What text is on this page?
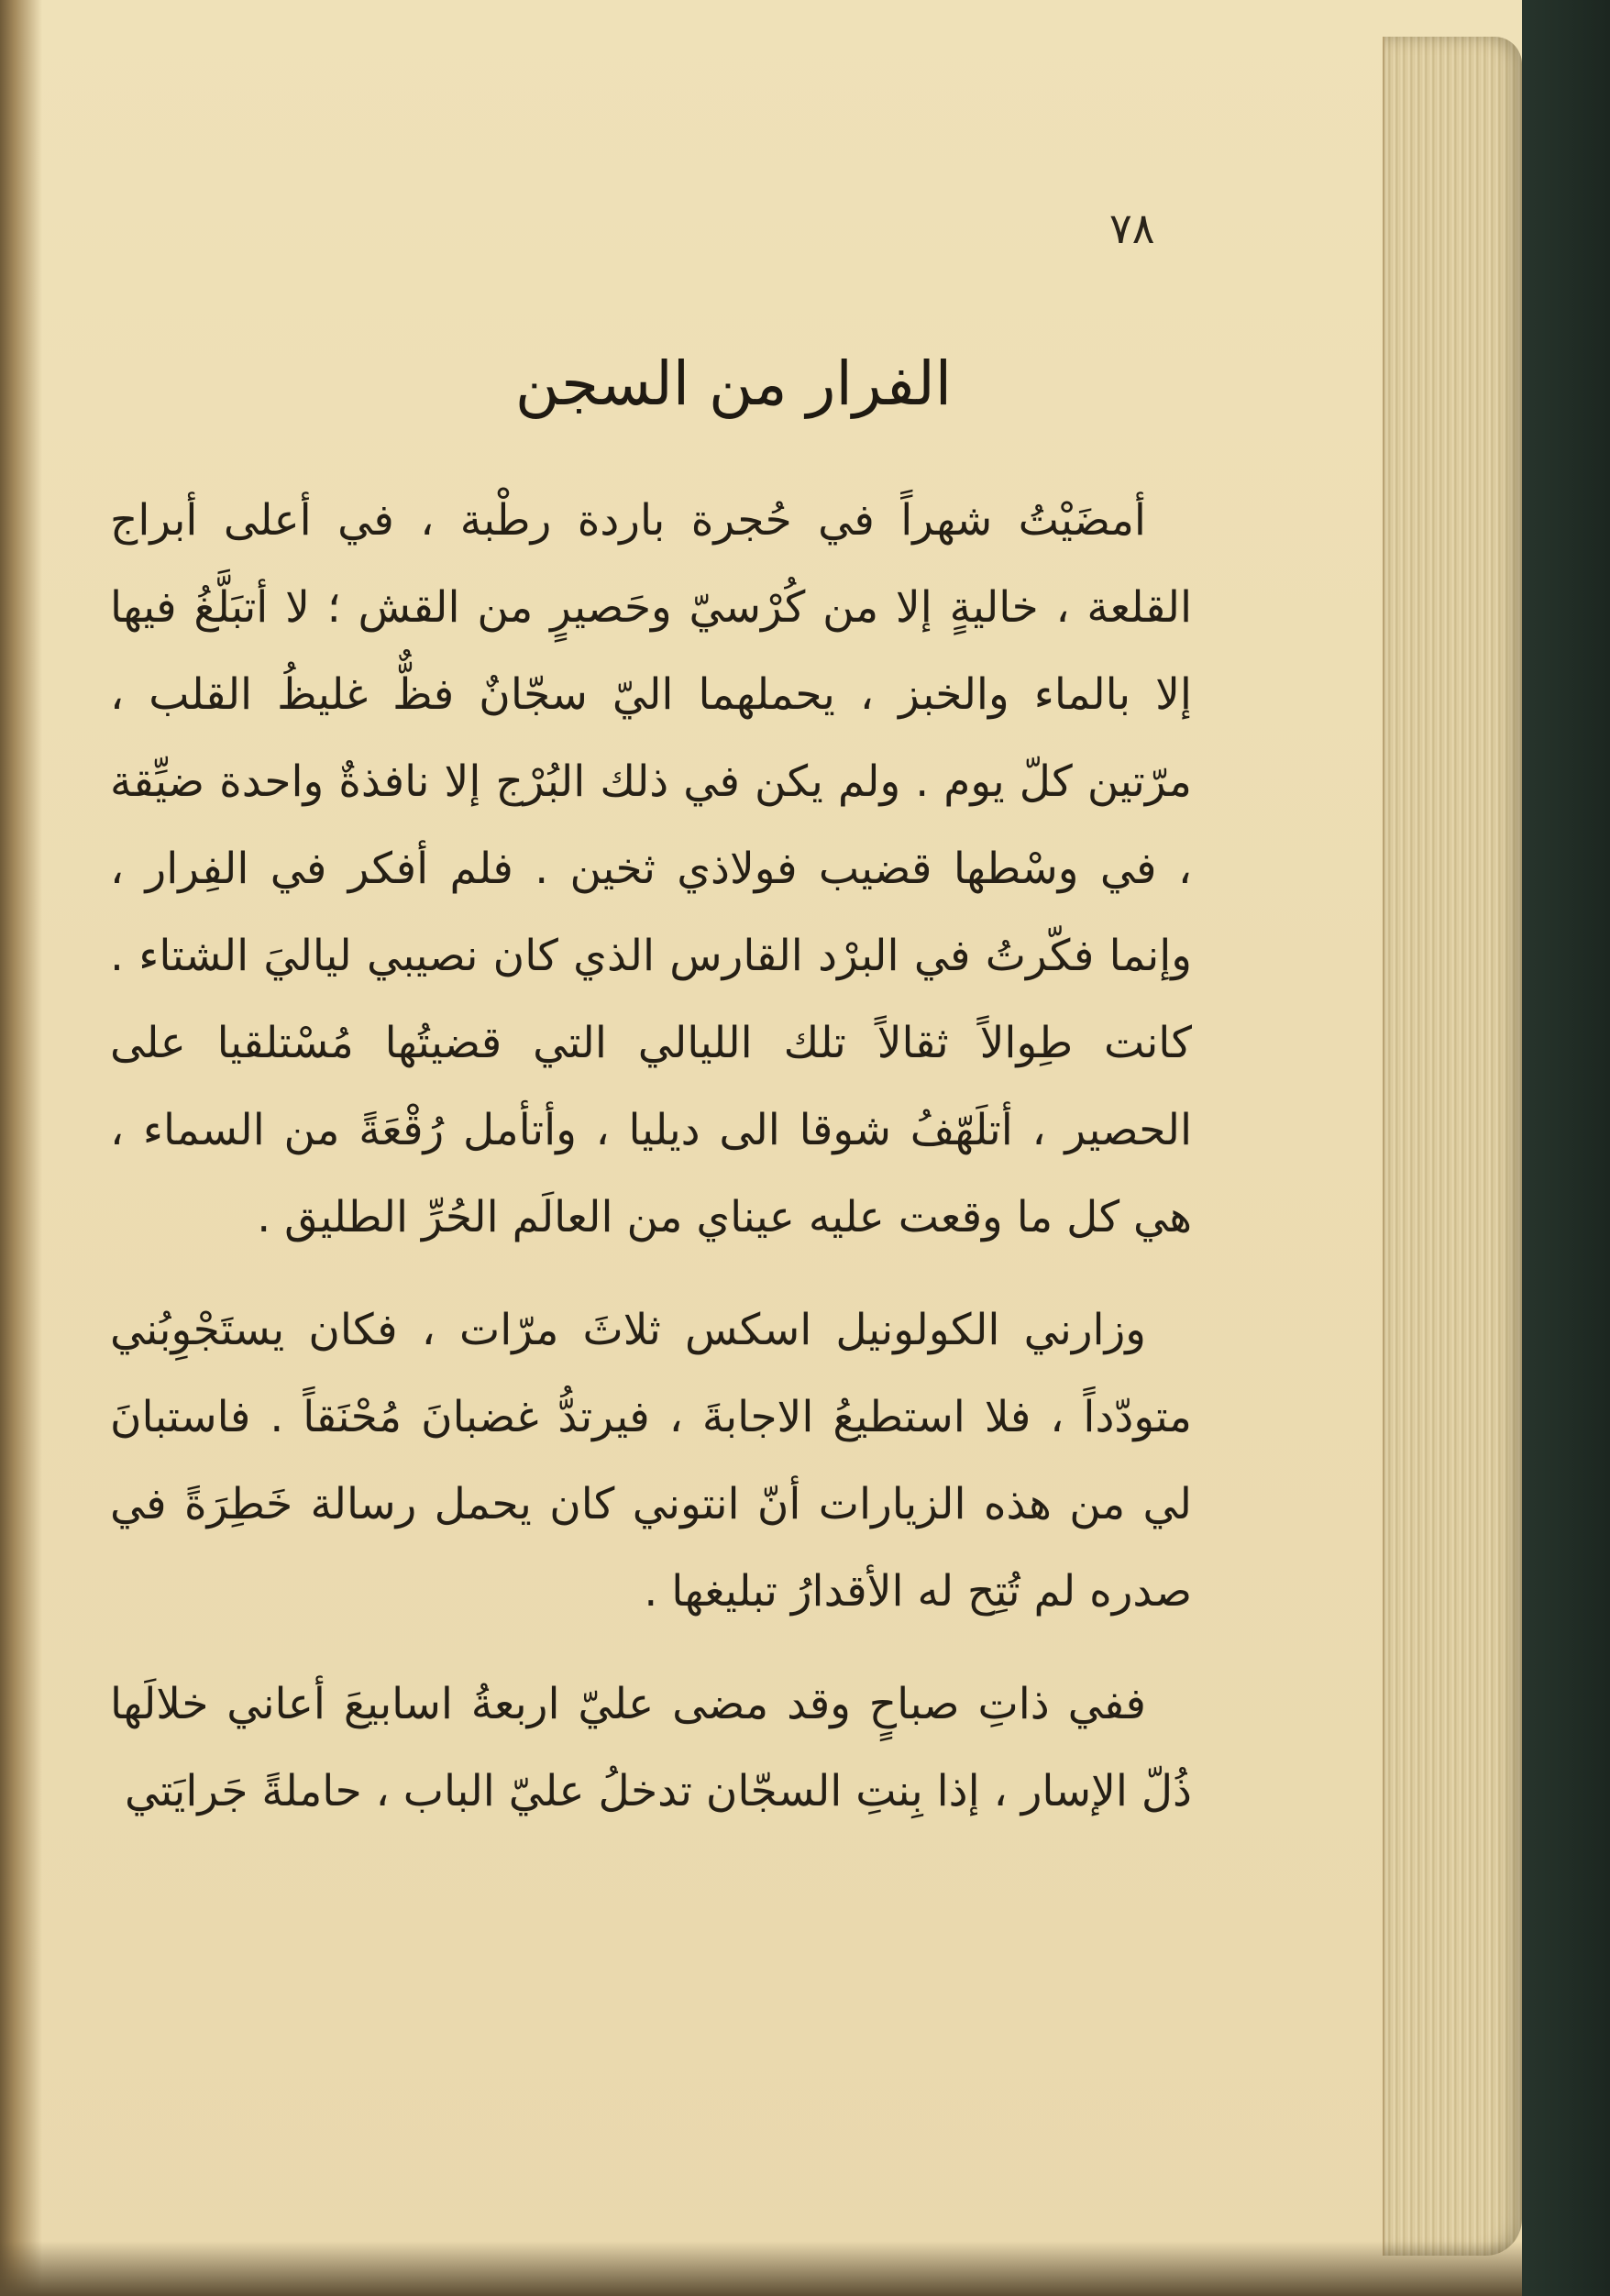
٧٨
الفرار من السجن

أمضَيْتُ شهراً في حُجرة باردة رطْبة ، في أعلى أبراج القلعة ، خاليةٍ إلا من كُرْسيّ وحَصيرٍ من القش ؛ لا أتبَلَّغُ فيها إلا بالماء والخبز ، يحملهما اليّ سجّانٌ فظٌّ غليظُ القلب ، مرّتين كلّ يوم . ولم يكن في ذلك البُرْج إلا نافذةٌ واحدة ضيِّقة ، في وسْطها قضيب فولاذي ثخين . فلم أفكر في الفِرار ، وإنما فكّرتُ في البرْد القارس الذي كان نصيبي لياليَ الشتاء . كانت طِوالاً ثقالاً تلك الليالي التي قضيتُها مُسْتلقيا على الحصير ، أتلَهّفُ شوقا الى ديليا ، وأتأمل رُقْعَةً من السماء ، هي كل ما وقعت عليه عيناي من العالَم الحُرِّ الطليق .

وزارني الكولونيل اسكس ثلاثَ مرّات ، فكان يستَجْوِبُني متودّداً ، فلا استطيعُ الاجابةَ ، فيرتدُّ غضبانَ مُحْنَقاً . فاستبانَ لي من هذه الزيارات أنّ انتوني كان يحمل رسالة خَطِرَةً في صدره لم تُتِح له الأقدارُ تبليغها .

ففي ذاتِ صباحٍ وقد مضى عليّ اربعةُ اسابيعَ أعاني خلالَها ذُلّ الإسار ، إذا بِنتِ السجّان تدخلُ عليّ الباب ، حاملةً جَرايَتي
